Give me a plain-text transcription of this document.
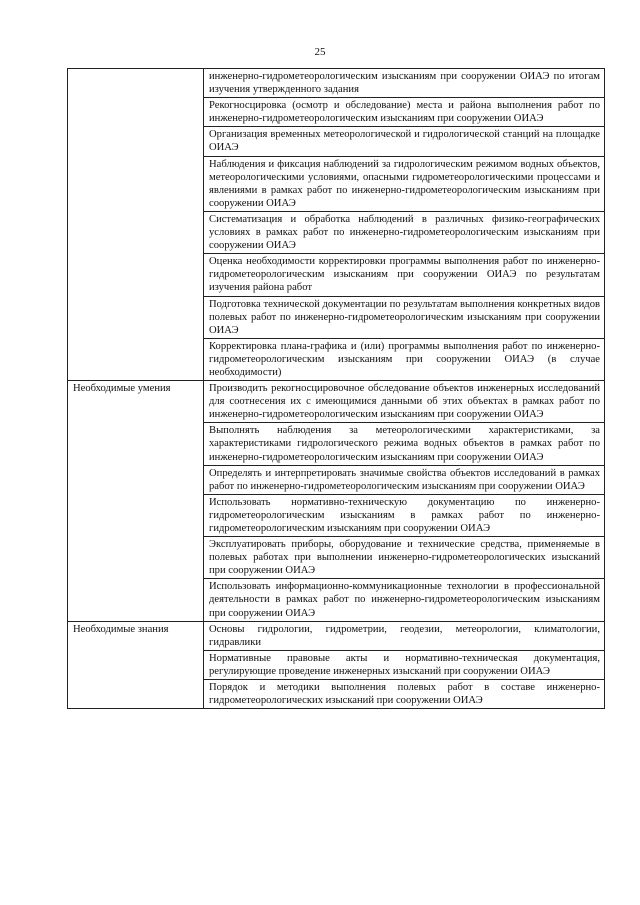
25
	инженерно-гидрометеорологическим изысканиям при сооружении ОИАЭ по итогам изучения утвержденного задания
	Рекогносцировка (осмотр и обследование) места и района выполнения работ по инженерно-гидрометеорологическим изысканиям при сооружении ОИАЭ
	Организация временных метеорологической и гидрологической станций на площадке ОИАЭ
	Наблюдения и фиксация наблюдений за гидрологическим режимом водных объектов, метеорологическими условиями, опасными гидрометеорологическими процессами и явлениями в рамках работ по инженерно-гидрометеорологическим изысканиям при сооружении ОИАЭ
	Систематизация и обработка наблюдений в различных физико-географических условиях в рамках работ по инженерно-гидрометеорологическим изысканиям при сооружении ОИАЭ
	Оценка необходимости корректировки программы выполнения работ по инженерно-гидрометеорологическим изысканиям при сооружении ОИАЭ по результатам изучения района работ
	Подготовка технической документации по результатам выполнения конкретных видов полевых работ по инженерно-гидрометеорологическим изысканиям при сооружении ОИАЭ
	Корректировка плана-графика и (или) программы выполнения работ по инженерно-гидрометеорологическим изысканиям при сооружении ОИАЭ (в случае необходимости)
Необходимые умения	Производить рекогносцировочное обследование объектов инженерных исследований для соотнесения их с имеющимися данными об этих объектах в рамках работ по инженерно-гидрометеорологическим изысканиям при сооружении ОИАЭ
	Выполнять наблюдения за метеорологическими характеристиками, за характеристиками гидрологического режима водных объектов в рамках работ по инженерно-гидрометеорологическим изысканиям при сооружении ОИАЭ
	Определять и интерпретировать значимые свойства объектов исследований в рамках работ по инженерно-гидрометеорологическим изысканиям при сооружении ОИАЭ
	Использовать нормативно-техническую документацию по инженерно-гидрометеорологическим изысканиям в рамках работ по инженерно-гидрометеорологическим изысканиям при сооружении ОИАЭ
	Эксплуатировать приборы, оборудование и технические средства, применяемые в полевых работах при выполнении инженерно-гидрометеорологических изысканий при сооружении ОИАЭ
	Использовать информационно-коммуникационные технологии в профессиональной деятельности в рамках работ по инженерно-гидрометеорологическим изысканиям при сооружении ОИАЭ
Необходимые знания	Основы гидрологии, гидрометрии, геодезии, метеорологии, климатологии, гидравлики
	Нормативные правовые акты и нормативно-техническая документация, регулирующие проведение инженерных изысканий при сооружении ОИАЭ
	Порядок и методики выполнения полевых работ в составе инженерно-гидрометеорологических изысканий при сооружении ОИАЭ
